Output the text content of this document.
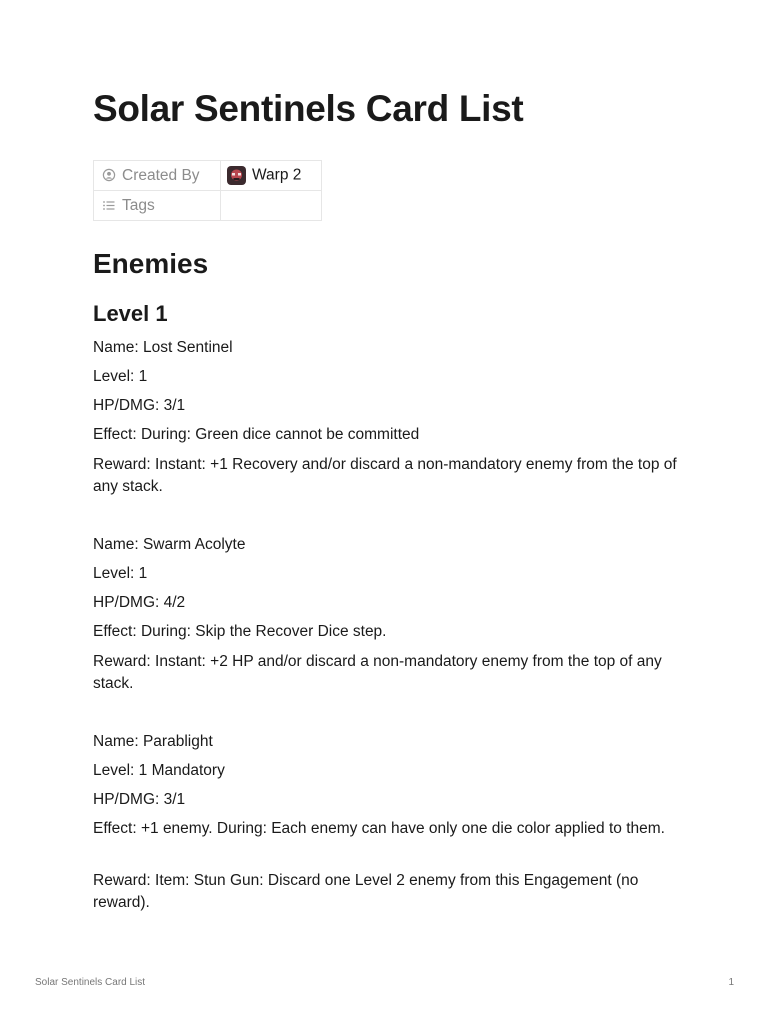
Solar Sentinels Card List
Created By	Warp 2
Tags	
Enemies
Level 1

Name: Lost Sentinel

Level: 1

HP/DMG: 3/1

Effect: During: Green dice cannot be committed

Reward: Instant: +1 Recovery and/or discard a non-mandatory enemy from the top of any stack.

Name: Swarm Acolyte

Level: 1

HP/DMG: 4/2

Effect: During: Skip the Recover Dice step.

Reward: Instant: +2 HP and/or discard a non-mandatory enemy from the top of any stack.

Name: Parablight

Level: 1 Mandatory

HP/DMG: 3/1

Effect: +1 enemy. During: Each enemy can have only one die color applied to them.

Reward: Item: Stun Gun: Discard one Level 2 enemy from this Engagement (no reward).

Solar Sentinels Card List	1
